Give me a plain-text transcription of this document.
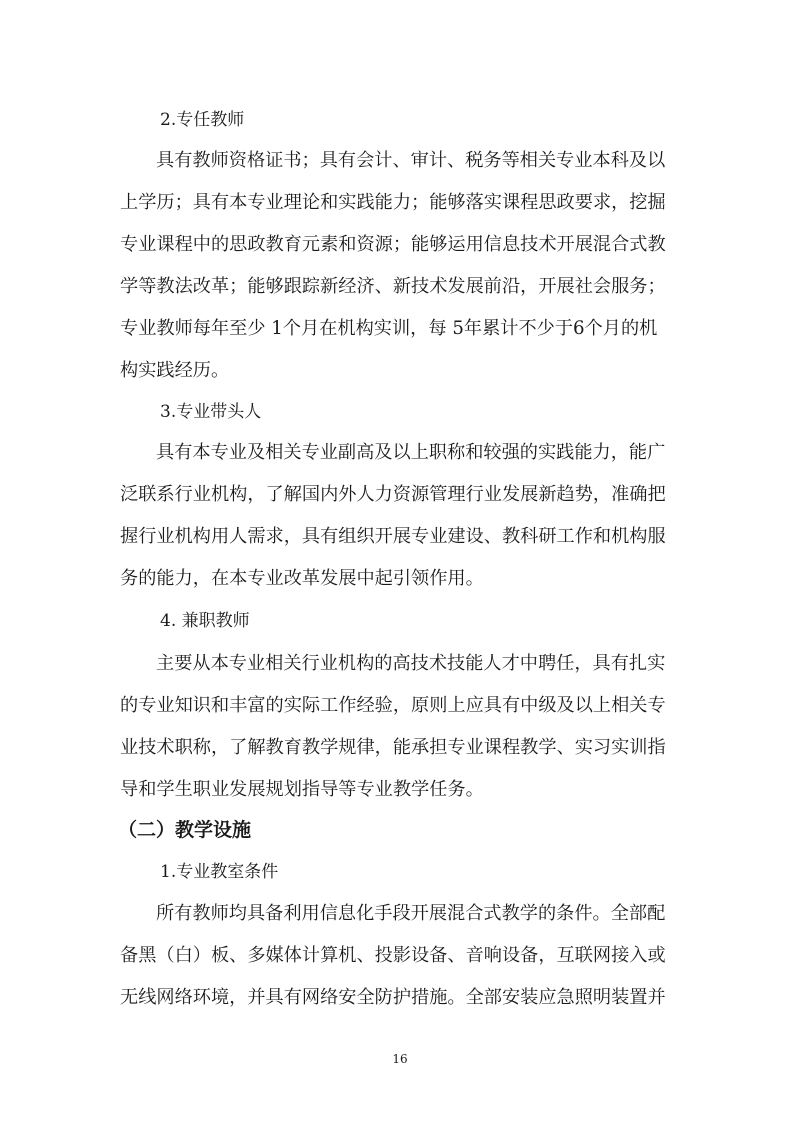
2.专任教师

具有教师资格证书；具有会计、审计、税务等相关专业本科及以
上学历；具有本专业理论和实践能力；能够落实课程思政要求，挖掘
专业课程中的思政教育元素和资源；能够运用信息技术开展混合式教
学等教法改革；能够跟踪新经济、新技术发展前沿，开展社会服务；
专业教师每年至少 1个月在机构实训，每 5年累计不少于6个月的机
构实践经历。

3.专业带头人

具有本专业及相关专业副高及以上职称和较强的实践能力，能广
泛联系行业机构，了解国内外人力资源管理行业发展新趋势，准确把
握行业机构用人需求，具有组织开展专业建设、教科研工作和机构服
务的能力，在本专业改革发展中起引领作用。

4. 兼职教师

主要从本专业相关行业机构的高技术技能人才中聘任，具有扎实
的专业知识和丰富的实际工作经验，原则上应具有中级及以上相关专
业技术职称，了解教育教学规律，能承担专业课程教学、实习实训指
导和学生职业发展规划指导等专业教学任务。

（二）教学设施
1.专业教室条件

所有教师均具备利用信息化手段开展混合式教学的条件。全部配
备黑（白）板、多媒体计算机、投影设备、音响设备，互联网接入或
无线网络环境，并具有网络安全防护措施。全部安装应急照明装置并

16
